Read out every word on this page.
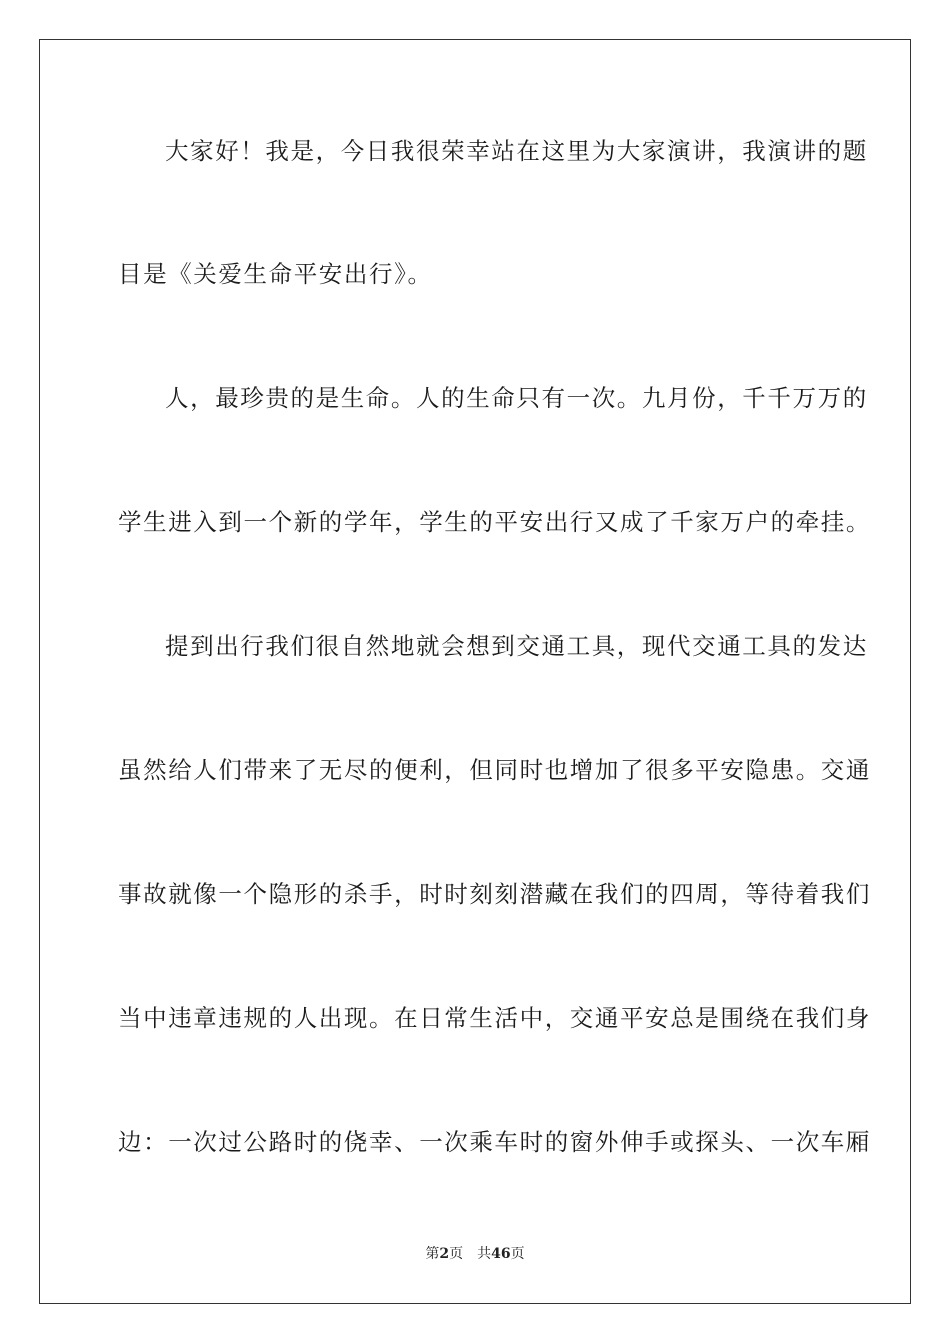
大家好！我是，今日我很荣幸站在这里为大家演讲，我演讲的题
目是《关爱生命平安出行》。
人，最珍贵的是生命。人的生命只有一次。九月份，千千万万的
学生进入到一个新的学年，学生的平安出行又成了千家万户的牵挂。
提到出行我们很自然地就会想到交通工具，现代交通工具的发达
虽然给人们带来了无尽的便利，但同时也增加了很多平安隐患。交通
事故就像一个隐形的杀手，时时刻刻潜藏在我们的四周，等待着我们
当中违章违规的人出现。在日常生活中，交通平安总是围绕在我们身
边：一次过公路时的侥幸、一次乘车时的窗外伸手或探头、一次车厢
第2页 共46页
